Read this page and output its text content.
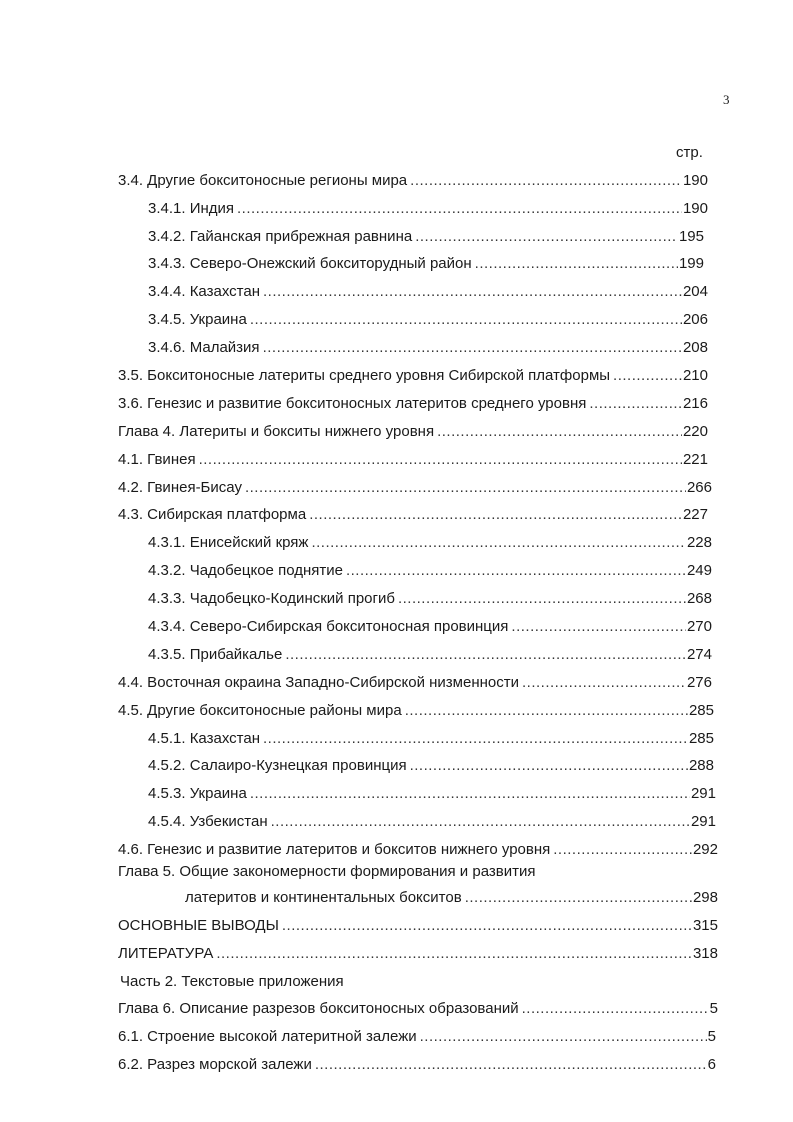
3
стр.
3.4. Другие бокситоносные регионы мира .....	190
3.4.1. Индия .....	190
3.4.2. Гайанская прибрежная равнина .....	195
3.4.3. Северо-Онежский бокситорудный район .....	199
3.4.4. Казахстан .....	204
3.4.5. Украина .....	206
3.4.6. Малайзия .....	208
3.5. Бокситоносные латериты среднего уровня Сибирской платформы .....	210
3.6. Генезис и развитие бокситоносных латеритов среднего уровня .....	216
Глава 4. Латериты и бокситы нижнего уровня .....	220
4.1. Гвинея .....	221
4.2. Гвинея-Бисау .....	266
4.3. Сибирская платформа .....	227
4.3.1. Енисейский кряж .....	228
4.3.2. Чадобецкое поднятие .....	249
4.3.3. Чадобецко-Кодинский прогиб .....	268
4.3.4. Северо-Сибирская бокситоносная провинция .....	270
4.3.5. Прибайкалье .....	274
4.4. Восточная окраина Западно-Сибирской низменности .....	276
4.5. Другие бокситоносные районы мира .....	285
4.5.1. Казахстан .....	285
4.5.2. Салаиро-Кузнецкая провинция .....	288
4.5.3. Украина .....	291
4.5.4. Узбекистан .....	291
4.6. Генезис и развитие латеритов и бокситов нижнего уровня .....	292
Глава 5. Общие закономерности формирования и развития
латеритов и континентальных бокситов .....	298
ОСНОВНЫЕ ВЫВОДЫ .....	315
ЛИТЕРАТУРА .....	318
Часть 2. Текстовые приложения
Глава 6. Описание разрезов бокситоносных образований .....	5
6.1. Строение высокой латеритной залежи .....	5
6.2. Разрез морской залежи .....	6
